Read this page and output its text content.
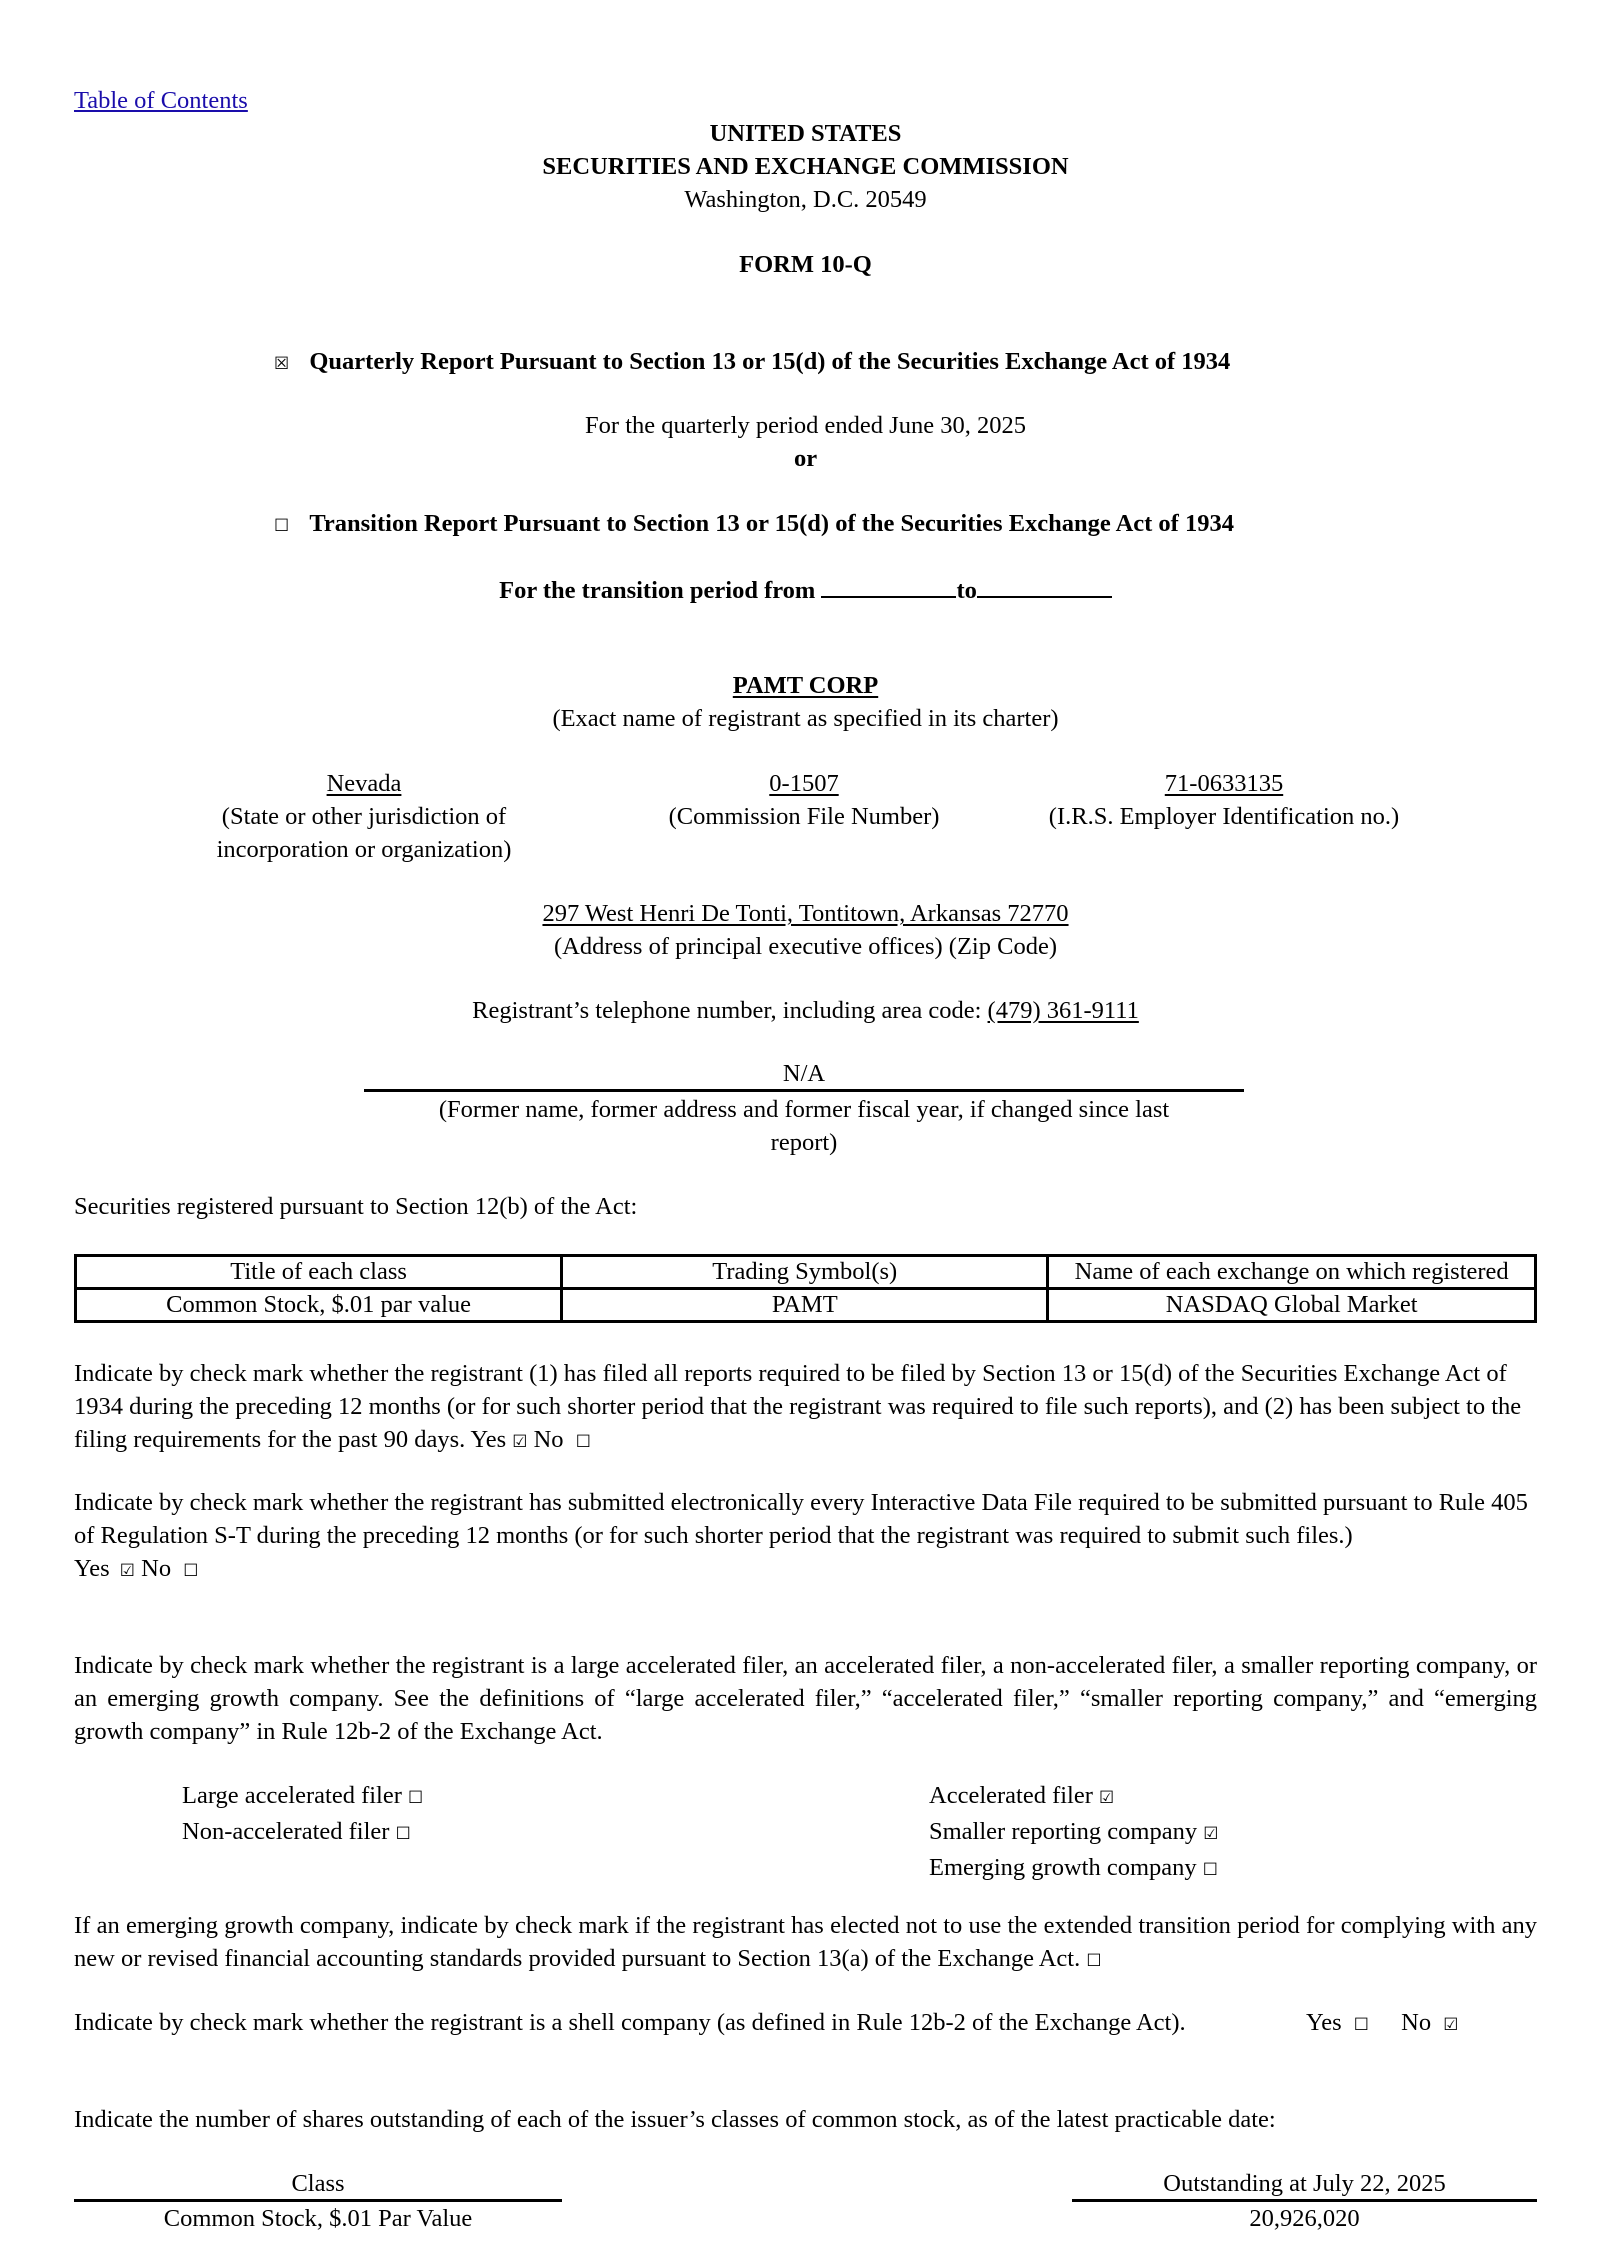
Table of Contents
UNITED STATES
SECURITIES AND EXCHANGE COMMISSION
Washington, D.C. 20549
FORM 10-Q
☒ Quarterly Report Pursuant to Section 13 or 15(d) of the Securities Exchange Act of 1934
For the quarterly period ended June 30, 2025
or
☐ Transition Report Pursuant to Section 13 or 15(d) of the Securities Exchange Act of 1934
For the transition period from	to
PAMT CORP
(Exact name of registrant as specified in its charter)
Nevada
(State or other jurisdiction of
incorporation or organization)
0-1507
(Commission File Number)
71-0633135
(I.R.S. Employer Identification no.)
297 West Henri De Tonti, Tontitown, Arkansas 72770
(Address of principal executive offices) (Zip Code)
Registrant’s telephone number, including area code: (479) 361-9111
N/A
(Former name, former address and former fiscal year, if changed since last
report)
Securities registered pursuant to Section 12(b) of the Act:
Title of each class	Trading Symbol(s)	Name of each exchange on which registered
Common Stock, $.01 par value	PAMT	NASDAQ Global Market
Indicate by check mark whether the registrant (1) has filed all reports required to be filed by Section 13 or 15(d) of the Securities Exchange Act of 1934 during the preceding 12 months (or for such shorter period that the registrant was required to file such reports), and (2) has been subject to the filing requirements for the past 90 days. Yes ☑ No ☐
Indicate by check mark whether the registrant has submitted electronically every Interactive Data File required to be submitted pursuant to Rule 405 of Regulation S-T during the preceding 12 months (or for such shorter period that the registrant was required to submit such files.)
Yes ☑ No ☐
Indicate by check mark whether the registrant is a large accelerated filer, an accelerated filer, a non-accelerated filer, a smaller reporting company, or an emerging growth company. See the definitions of “large accelerated filer,” “accelerated filer,” “smaller reporting company,” and “emerging growth company” in Rule 12b-2 of the Exchange Act.
Large accelerated filer ☐
Non-accelerated filer ☐
Accelerated filer ☑
Smaller reporting company ☑
Emerging growth company ☐
If an emerging growth company, indicate by check mark if the registrant has elected not to use the extended transition period for complying with any new or revised financial accounting standards provided pursuant to Section 13(a) of the Exchange Act. ☐
Indicate by check mark whether the registrant is a shell company (as defined in Rule 12b-2 of the Exchange Act).	Yes ☐ No ☑
Indicate the number of shares outstanding of each of the issuer’s classes of common stock, as of the latest practicable date:
Class	Outstanding at July 22, 2025
Common Stock, $.01 Par Value	20,926,020
